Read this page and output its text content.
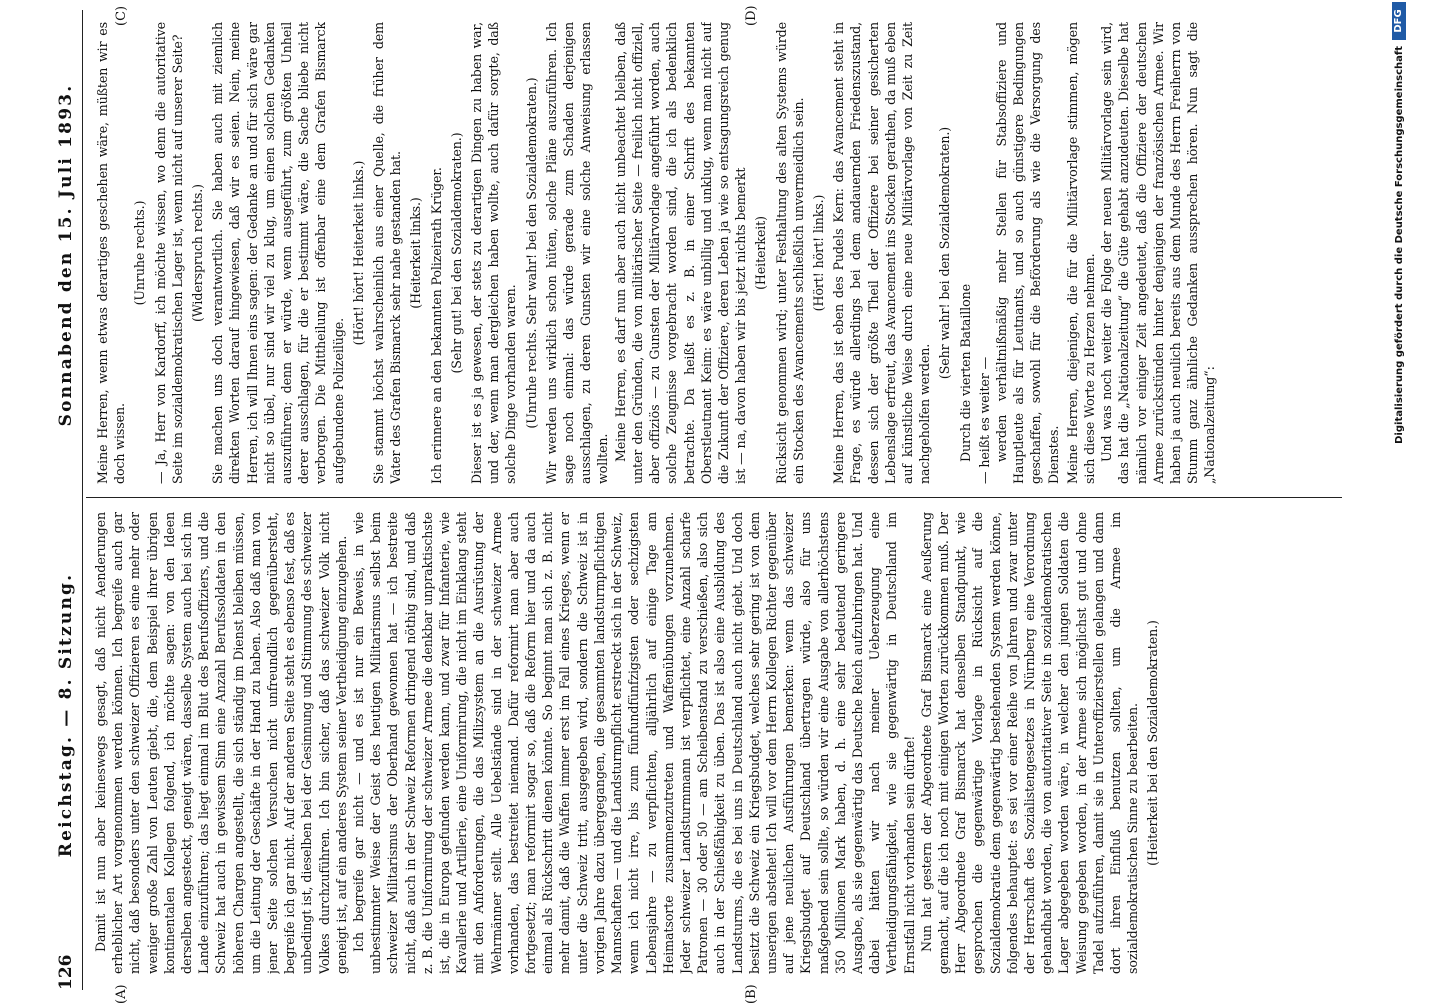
126
Reichstag. — 8. Sitzung.
Sonnabend den 15. Juli 1893.
(A)	(B)
(C)	(D)

Damit ist nun aber keineswegs gesagt, daß nicht Aenderungen erheblicher Art vorgenommen werden können. Ich begreife auch gar nicht, daß besonders unter den schweizer Offizieren es eine mehr oder weniger große Zahl von Leuten giebt, die, dem Beispiel ihrer übrigen kontinentalen Kollegen folgend, ich möchte sagen: von den Ideen derselben angesteckt, geneigt wären, dasselbe System auch bei sich im Lande einzuführen; das liegt einmal im Blut des Berufsoffiziers, und die Schweiz hat auch in gewissem Sinn eine Anzahl Berufssoldaten in den höheren Chargen angestellt, die sich ständig im Dienst bleiben müssen, um die Leitung der Geschäfte in der Hand zu haben. Also daß man von jener Seite solchen Versuchen nicht unfreundlich gegenübersteht, begreife ich gar nicht. Auf der anderen Seite steht es ebenso fest, daß es unbedingt ist, dieselben bei der Gesinnung und Stimmung des schweizer Volkes durchzuführen. Ich bin sicher, daß das schweizer Volk nicht geneigt ist, auf ein anderes System seiner Vertheidigung einzugehen. Ich begreife gar nicht — und es ist nur ein Beweis, in wie unbestimmter Weise der Geist des heutigen Militarismus selbst beim schweizer Militarismus der Oberhand gewonnen hat — ich bestreite nicht, daß auch in der Schweiz Reformen dringend nöthig sind, und daß z. B. die Uniformirung der schweizer Armee die denkbar unpraktischste ist, die in Europa gefunden werden kann, und zwar für Infanterie, wie Kavallerie und Artillerie, eine Uniformirung, die nicht im Einklang steht mit den Anforderungen, die das Milizsystem an die Ausrüstung der Wehrmänner stellt. Alle Uebelstände sind in der schweizer Armee vorhanden, das bestreitet niemand. Dafür reformirt man aber auch fortgesetzt; man reformirt sogar so, daß die Reform hier und da auch einmal als Rückschritt dienen könnte. So beginnt man sich z. B. nicht mehr damit, daß die Waffen immer erst im Fall eines Krieges, wenn er unter die Schweiz tritt, ausgegeben wird, sondern die Schweiz ist in vorigen Jahre dazu übergegangen, die gesammten landsturmpflichtigen Mannschaften — und die Landsturmpflicht erstreckt sich in der Schweiz, wenn ich nicht irre, bis zum fünfundfünfzigsten oder sechzigsten Lebensjahre — zu verpflichten, alljährlich auf einige Tage am Heimatsorte zusammenzutreten und Waffenübungen vorzunehmen. Jeder schweizer Landsturmmann ist verpflichtet, eine Anzahl scharfe Patronen — 30 oder 50 — am Scheibenstand zu verschießen, also sich auch in der Schießfähigkeit zu üben. Das ist also eine Ausbildung des Landsturms, die es bei uns in Deutschland auch nicht giebt. Und doch besitzt die Schweiz ein Kriegsbudget, welches sehr gering ist von dem unserigen abstehet! Ich will vor dem Herrn Kollegen Richter gegenüber auf jene neulichen Ausführungen bemerken: wenn das schweizer Kriegsbudget auf Deutschland übertragen würde, also für uns maßgebend sein sollte, so würden wir eine Ausgabe von allerhöchstens 350 Millionen Mark haben, d. h. eine sehr bedeutend geringere Ausgabe, als sie gegenwärtig das Deutsche Reich aufzubringen hat. Und dabei hätten wir nach meiner Ueberzeugung eine Vertheidigungsfähigkeit, wie sie gegenwärtig in Deutschland im Ernstfall nicht vorhanden sein dürfte! Nun hat gestern der Abgeordnete Graf Bismarck eine Aeußerung gemacht, auf die ich noch mit einigen Worten zurückkommen muß. Der Herr Abgeordnete Graf Bismarck hat denselben Standpunkt, wie gesprochen die gegenwärtige Vorlage in Rücksicht auf die Sozialdemokratie dem gegenwärtig bestehenden System werden könne, folgendes behauptet: es sei vor einer Reihe von Jahren und zwar unter der Herrschaft des Sozialistengesetzes in Nürnberg eine Verordnung gehandhabt worden, die von autoritativer Seite in sozialdemokratischen Lager abgegeben worden wäre, in welcher den jungen Soldaten die Weisung gegeben worden, in der Armee sich möglichst gut und ohne Tadel aufzuführen, damit sie in Unteroffizierstellen gelangen und dann dort ihren Einfluß benutzen sollten, um die Armee im sozialdemokratischen Sinne zu bearbeiten. (Heiterkeit bei den Sozialdemokraten.)

Meine Herren, wenn etwas derartiges geschehen wäre, müßten wir es doch wissen.

(Unruhe rechts.) — Ja, Herr von Kardorff, ich möchte wissen, wo denn die autoritative Seite im sozialdemokratischen Lager ist, wenn nicht auf unserer Seite? (Widerspruch rechts.) Sie machen uns doch verantwortlich. Sie haben auch mit ziemlich direkten Worten darauf hingewiesen, daß wir es seien. Nein, meine Herren, ich will Ihnen eins sagen: der Gedanke an und für sich wäre gar nicht so übel, nur sind wir viel zu klug, um einen solchen Gedanken auszuführen; denn er würde, wenn ausgeführt, zum größten Unheil derer ausschlagen, für die er bestimmt wäre, die Sache bliebe nicht verborgen. Die Mittheilung ist offenbar eine dem Grafen Bismarck aufgebundene Polizeilüge.

(Hört! hört! Heiterkeit links.) Sie stammt höchst wahrscheinlich aus einer Quelle, die früher dem Vater des Grafen Bismarck sehr nahe gestanden hat. (Heiterkeit links.) Ich erinnere an den bekannten Polizeirath Krüger. (Sehr gut! bei den Sozialdemokraten.) Dieser ist es ja gewesen, der stets zu derartigen Dingen zu haben war, und der, wenn man dergleichen haben wollte, auch dafür sorgte, daß solche Dinge vorhanden waren. (Unruhe rechts. Sehr wahr! bei den Sozialdemokraten.) Wir werden uns wirklich schon hüten, solche Pläne auszuführen. Ich sage noch einmal: das würde gerade zum Schaden derjenigen ausschlagen, zu deren Gunsten wir eine solche Anweisung erlassen wollten. Meine Herren, es darf nun aber auch nicht unbeachtet bleiben, daß unter den Gründen, die von militärischer Seite — freilich nicht offiziell, aber offiziös — zu Gunsten der Militärvorlage angeführt worden, auch solche Zeugnisse vorgebracht worden sind, die ich als bedenklich betrachte. Da heißt es z. B. in einer Schrift des bekannten Oberstleutnant Keim: es wäre unbillig und unklug, wenn man nicht auf die Zukunft der Offiziere, deren Leben ja wie so entsagungsreich genug ist — na, davon haben wir bis jetzt nichts bemerkt (Heiterkeit) Rücksicht genommen wird; unter Festhaltung des alten Systems würde ein Stocken des Avancements schließlich unvermeidlich sein. (Hört! hört! links.) Meine Herren, das ist eben des Pudels Kern: das Avancement steht in Frage, es würde allerdings bei dem andauernden Friedenszustand, dessen sich der größte Theil der Offiziere bei seiner gesicherten Lebenslage erfreut, das Avancement ins Stocken gerathen, da muß eben auf künstliche Weise durch eine neue Militärvorlage von Zeit zu Zeit nachgeholfen werden.

(Sehr wahr! bei den Sozialdemokraten.) Durch die vierten Bataillone — heißt es weiter — werden verhältnißmäßig mehr Stellen für Stabsoffiziere und Hauptleute als für Leutnants, und so auch günstigere Bedingungen geschaffen, sowohl für die Beförderung als wie die Versorgung des Dienstes. Meine Herren, diejenigen, die für die Militärvorlage stimmen, mögen sich diese Worte zu Herzen nehmen. Und was noch weiter die Folge der neuen Militärvorlage sein wird, das hat die „Nationalzeitung“ die Güte gehabt anzudeuten. Dieselbe hat nämlich vor einiger Zeit angedeutet, daß die Offiziere der deutschen Armee zurückstünden hinter denjenigen der französischen Armee. Wir haben ja auch neulich bereits aus dem Munde des Herrn Freiherrn von Stumm ganz ähnliche Gedanken aussprechen hören. Nun sagt die „Nationalzeitung“:	Digitalisierung gefördert durch die Deutsche Forschungsgemeinschaft
DFG
